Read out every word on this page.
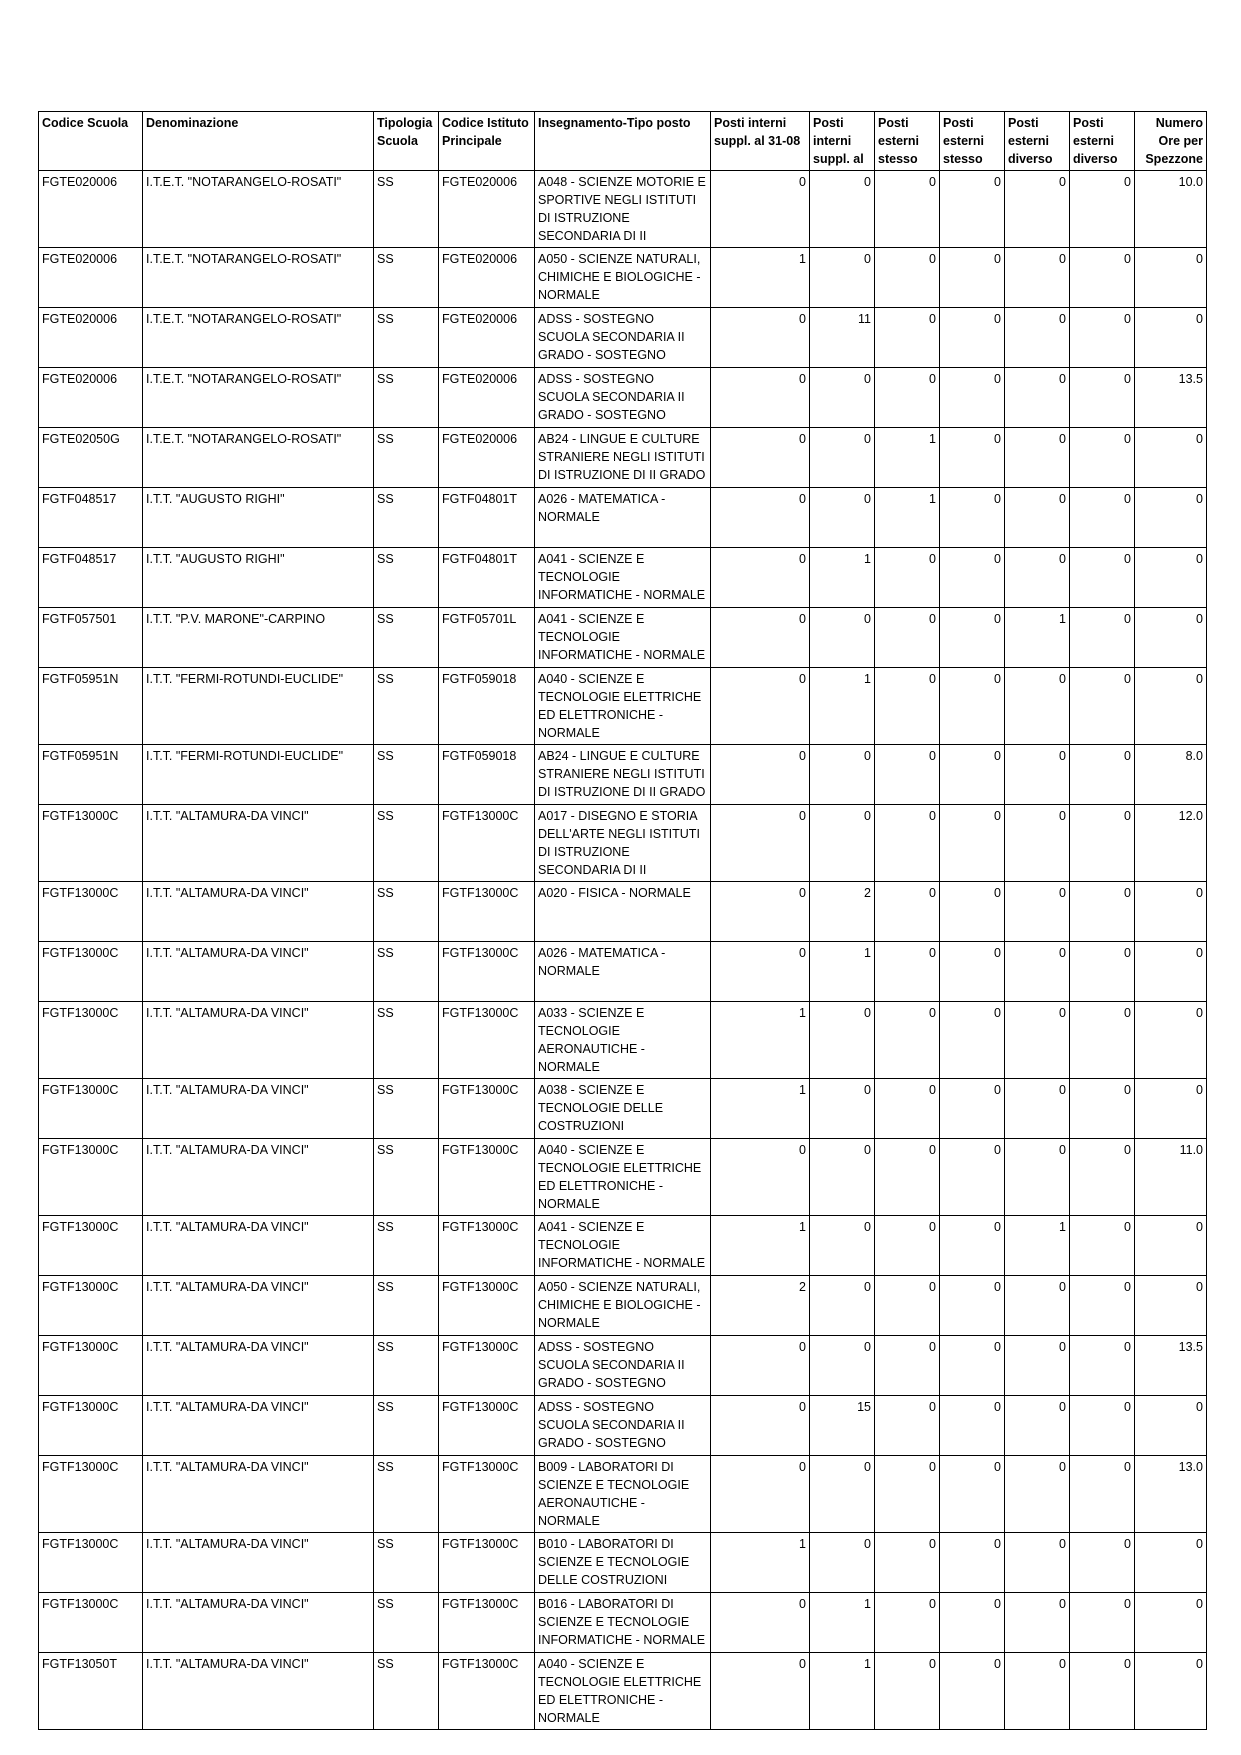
Codice Scuola	Denominazione	Tipologia Scuola	Codice Istituto Principale	Insegnamento-Tipo posto	Posti interni suppl. al 31-08	Posti interni suppl. al	Posti esterni stesso	Posti esterni stesso	Posti esterni diverso	Posti esterni diverso	Numero Ore per Spezzone
FGTE020006	I.T.E.T. "NOTARANGELO-ROSATI"	SS	FGTE020006	A048 - SCIENZE MOTORIE E SPORTIVE NEGLI ISTITUTI DI ISTRUZIONE SECONDARIA DI II	0	0	0	0	0	0	10.0
FGTE020006	I.T.E.T. "NOTARANGELO-ROSATI"	SS	FGTE020006	A050 - SCIENZE NATURALI, CHIMICHE E BIOLOGICHE - NORMALE	1	0	0	0	0	0	0
FGTE020006	I.T.E.T. "NOTARANGELO-ROSATI"	SS	FGTE020006	ADSS - SOSTEGNO SCUOLA SECONDARIA II GRADO - SOSTEGNO	0	11	0	0	0	0	0
FGTE020006	I.T.E.T. "NOTARANGELO-ROSATI"	SS	FGTE020006	ADSS - SOSTEGNO SCUOLA SECONDARIA II GRADO - SOSTEGNO	0	0	0	0	0	0	13.5
FGTE02050G	I.T.E.T. "NOTARANGELO-ROSATI"	SS	FGTE020006	AB24 - LINGUE E CULTURE STRANIERE NEGLI ISTITUTI DI ISTRUZIONE DI II GRADO	0	0	1	0	0	0	0
FGTF048517	I.T.T. "AUGUSTO RIGHI"	SS	FGTF04801T	A026 - MATEMATICA - NORMALE	0	0	1	0	0	0	0
FGTF048517	I.T.T. "AUGUSTO RIGHI"	SS	FGTF04801T	A041 - SCIENZE E TECNOLOGIE INFORMATICHE - NORMALE	0	1	0	0	0	0	0
FGTF057501	I.T.T. "P.V. MARONE"-CARPINO	SS	FGTF05701L	A041 - SCIENZE E TECNOLOGIE INFORMATICHE - NORMALE	0	0	0	0	1	0	0
FGTF05951N	I.T.T. "FERMI-ROTUNDI-EUCLIDE"	SS	FGTF059018	A040 - SCIENZE E TECNOLOGIE ELETTRICHE ED ELETTRONICHE - NORMALE	0	1	0	0	0	0	0
FGTF05951N	I.T.T. "FERMI-ROTUNDI-EUCLIDE"	SS	FGTF059018	AB24 - LINGUE E CULTURE STRANIERE NEGLI ISTITUTI DI ISTRUZIONE DI II GRADO	0	0	0	0	0	0	8.0
FGTF13000C	I.T.T. "ALTAMURA-DA VINCI"	SS	FGTF13000C	A017 - DISEGNO E STORIA DELL'ARTE NEGLI ISTITUTI DI ISTRUZIONE SECONDARIA DI II	0	0	0	0	0	0	12.0
FGTF13000C	I.T.T. "ALTAMURA-DA VINCI"	SS	FGTF13000C	A020 - FISICA - NORMALE	0	2	0	0	0	0	0
FGTF13000C	I.T.T. "ALTAMURA-DA VINCI"	SS	FGTF13000C	A026 - MATEMATICA - NORMALE	0	1	0	0	0	0	0
FGTF13000C	I.T.T. "ALTAMURA-DA VINCI"	SS	FGTF13000C	A033 - SCIENZE E TECNOLOGIE AERONAUTICHE - NORMALE	1	0	0	0	0	0	0
FGTF13000C	I.T.T. "ALTAMURA-DA VINCI"	SS	FGTF13000C	A038 - SCIENZE E TECNOLOGIE DELLE COSTRUZIONI	1	0	0	0	0	0	0
FGTF13000C	I.T.T. "ALTAMURA-DA VINCI"	SS	FGTF13000C	A040 - SCIENZE E TECNOLOGIE ELETTRICHE ED ELETTRONICHE - NORMALE	0	0	0	0	0	0	11.0
FGTF13000C	I.T.T. "ALTAMURA-DA VINCI"	SS	FGTF13000C	A041 - SCIENZE E TECNOLOGIE INFORMATICHE - NORMALE	1	0	0	0	1	0	0
FGTF13000C	I.T.T. "ALTAMURA-DA VINCI"	SS	FGTF13000C	A050 - SCIENZE NATURALI, CHIMICHE E BIOLOGICHE - NORMALE	2	0	0	0	0	0	0
FGTF13000C	I.T.T. "ALTAMURA-DA VINCI"	SS	FGTF13000C	ADSS - SOSTEGNO SCUOLA SECONDARIA II GRADO - SOSTEGNO	0	0	0	0	0	0	13.5
FGTF13000C	I.T.T. "ALTAMURA-DA VINCI"	SS	FGTF13000C	ADSS - SOSTEGNO SCUOLA SECONDARIA II GRADO - SOSTEGNO	0	15	0	0	0	0	0
FGTF13000C	I.T.T. "ALTAMURA-DA VINCI"	SS	FGTF13000C	B009 - LABORATORI DI SCIENZE E TECNOLOGIE AERONAUTICHE - NORMALE	0	0	0	0	0	0	13.0
FGTF13000C	I.T.T. "ALTAMURA-DA VINCI"	SS	FGTF13000C	B010 - LABORATORI DI SCIENZE E TECNOLOGIE DELLE COSTRUZIONI	1	0	0	0	0	0	0
FGTF13000C	I.T.T. "ALTAMURA-DA VINCI"	SS	FGTF13000C	B016 - LABORATORI DI SCIENZE E TECNOLOGIE INFORMATICHE - NORMALE	0	1	0	0	0	0	0
FGTF13050T	I.T.T. "ALTAMURA-DA VINCI"	SS	FGTF13000C	A040 - SCIENZE E TECNOLOGIE ELETTRICHE ED ELETTRONICHE - NORMALE	0	1	0	0	0	0	0
